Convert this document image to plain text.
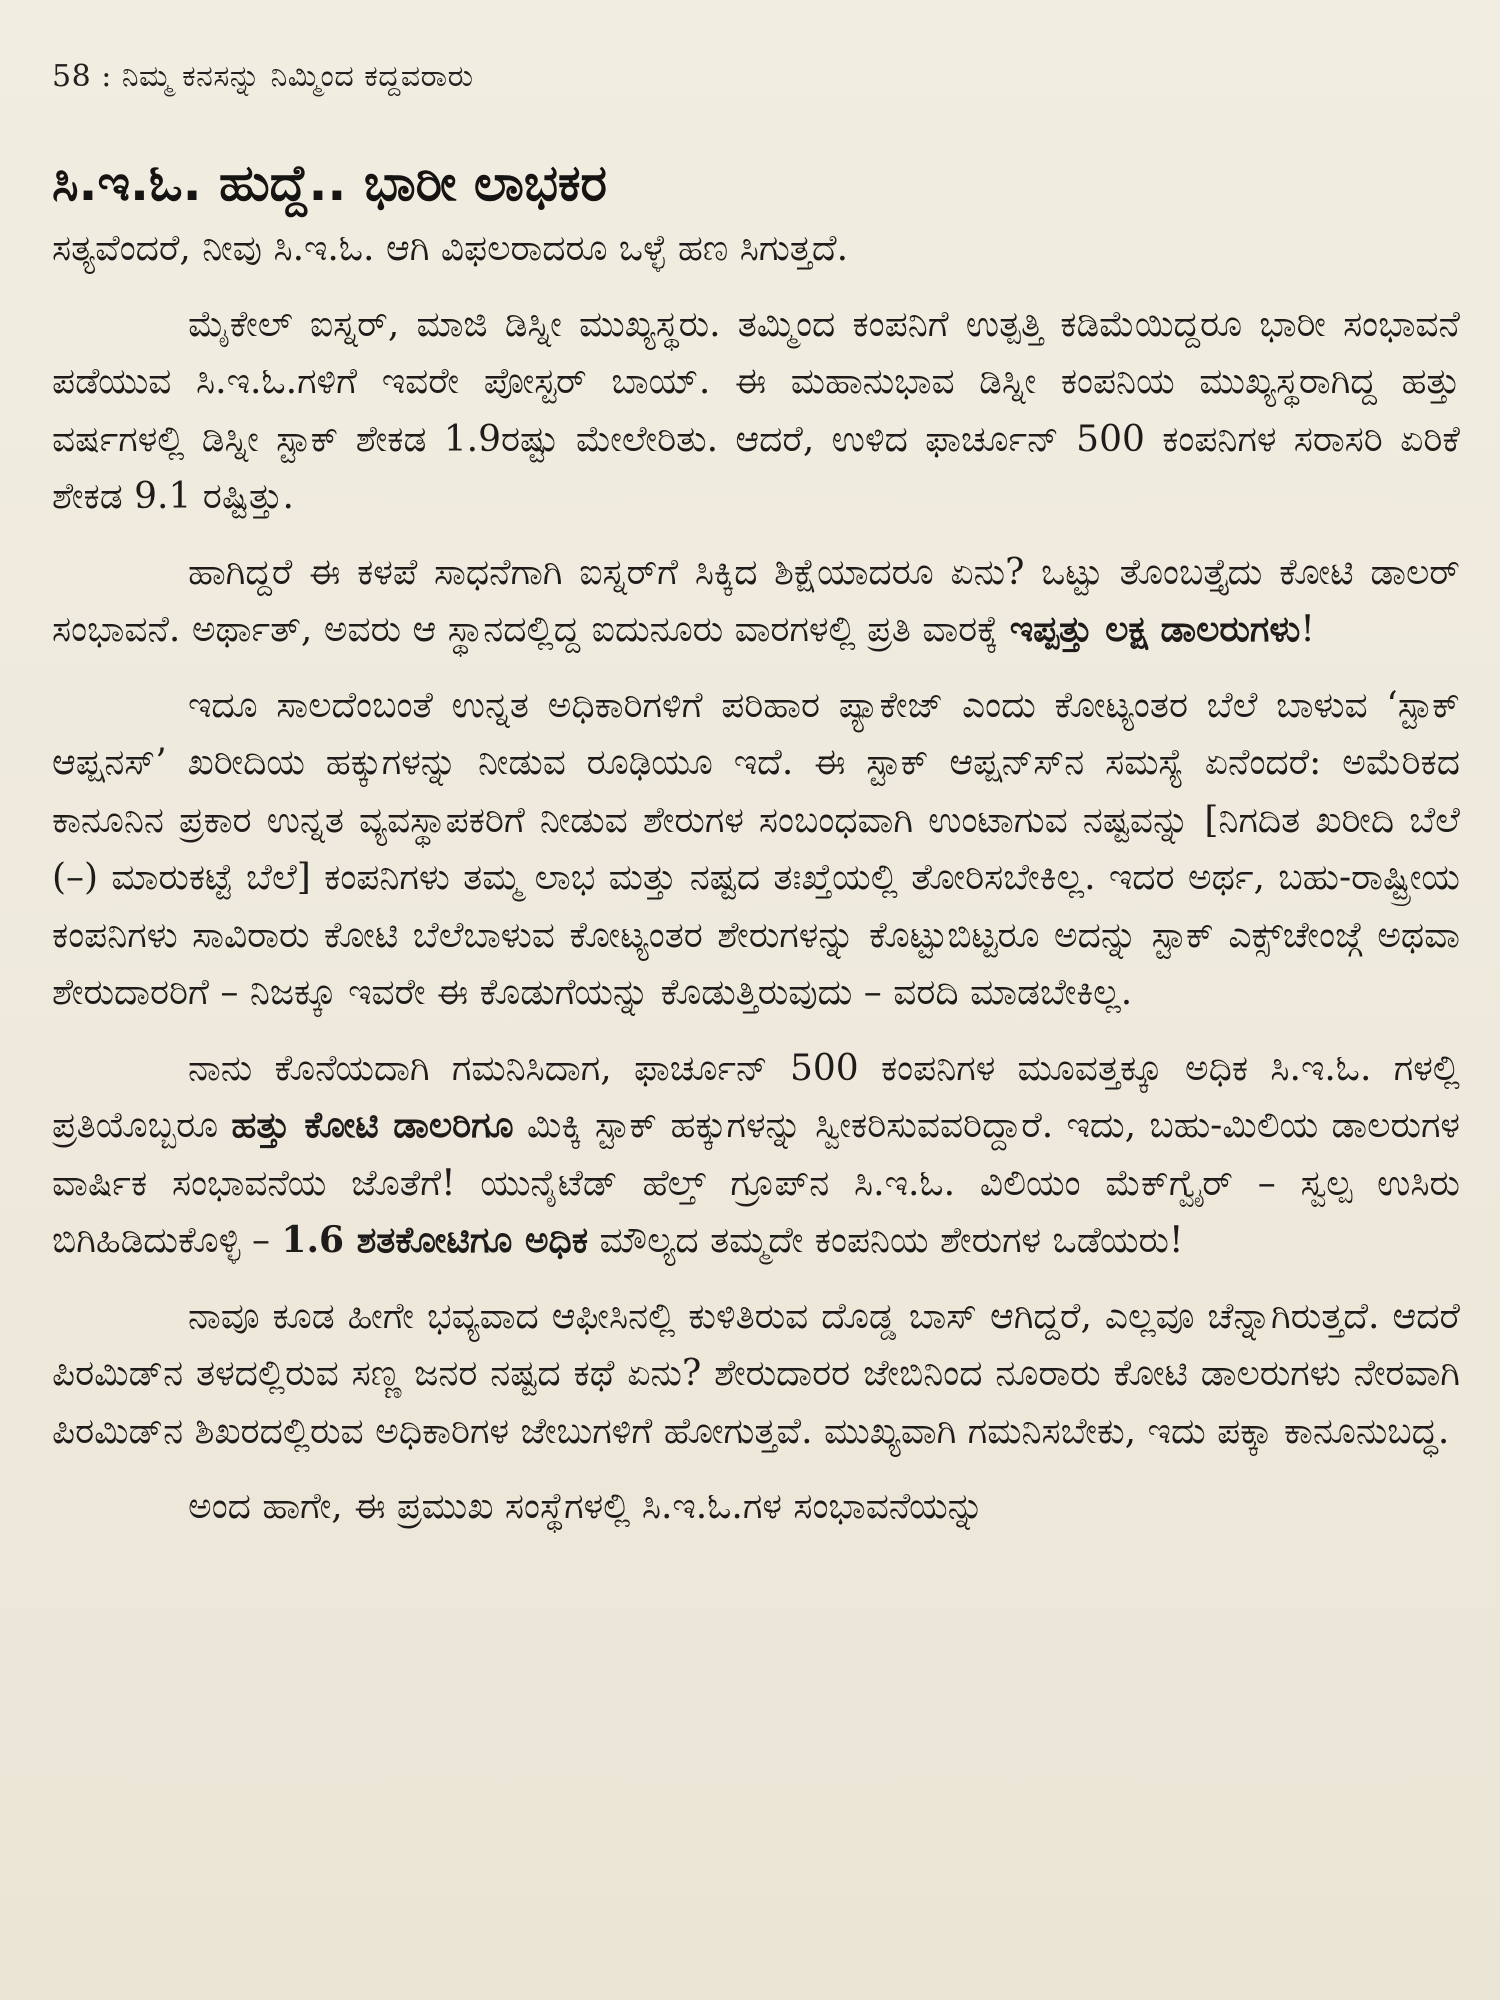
58 : ನಿಮ್ಮ ಕನಸನ್ನು ನಿಮ್ಮಿಂದ ಕದ್ದವರಾರು
ಸಿ.ಇ.ಓ. ಹುದ್ದೆ.. ಭಾರೀ ಲಾಭಕರ

ಸತ್ಯವೆಂದರೆ, ನೀವು ಸಿ.ಇ.ಓ. ಆಗಿ ವಿಫಲರಾದರೂ ಒಳ್ಳೆ ಹಣ ಸಿಗುತ್ತದೆ.

ಮೈಕೇಲ್ ಐಸ್ನರ್, ಮಾಜಿ ಡಿಸ್ನೀ ಮುಖ್ಯಸ್ಥರು. ತಮ್ಮಿಂದ ಕಂಪನಿಗೆ ಉತ್ಪತ್ತಿ ಕಡಿಮೆಯಿದ್ದರೂ ಭಾರೀ ಸಂಭಾವನೆ ಪಡೆಯುವ ಸಿ.ಇ.ಓ.ಗಳಿಗೆ ಇವರೇ ಪೋಸ್ಟರ್ ಬಾಯ್. ಈ ಮಹಾನುಭಾವ ಡಿಸ್ನೀ ಕಂಪನಿಯ ಮುಖ್ಯಸ್ಥರಾಗಿದ್ದ ಹತ್ತು ವರ್ಷಗಳಲ್ಲಿ ಡಿಸ್ನೀ ಸ್ಟಾಕ್ ಶೇಕಡ 1.9ರಷ್ಟು ಮೇಲೇರಿತು. ಆದರೆ, ಉಳಿದ ಫಾರ್ಚೂನ್ 500 ಕಂಪನಿಗಳ ಸರಾಸರಿ ಏರಿಕೆ ಶೇಕಡ 9.1 ರಷ್ಟಿತ್ತು.

ಹಾಗಿದ್ದರೆ ಈ ಕಳಪೆ ಸಾಧನೆಗಾಗಿ ಐಸ್ನರ್‌ಗೆ ಸಿಕ್ಕಿದ ಶಿಕ್ಷೆಯಾದರೂ ಏನು? ಒಟ್ಟು ತೊಂಬತ್ತೈದು ಕೋಟಿ ಡಾಲರ್ ಸಂಭಾವನೆ. ಅರ್ಥಾತ್, ಅವರು ಆ ಸ್ಥಾನದಲ್ಲಿದ್ದ ಐದುನೂರು ವಾರಗಳಲ್ಲಿ ಪ್ರತಿ ವಾರಕ್ಕೆ ಇಪ್ಪತ್ತು ಲಕ್ಷ ಡಾಲರುಗಳು!

ಇದೂ ಸಾಲದೆಂಬಂತೆ ಉನ್ನತ ಅಧಿಕಾರಿಗಳಿಗೆ ಪರಿಹಾರ ಪ್ಯಾಕೇಜ್ ಎಂದು ಕೋಟ್ಯಂತರ ಬೆಲೆ ಬಾಳುವ ‘ಸ್ಟಾಕ್ ಆಪ್ಷನಸ್’ ಖರೀದಿಯ ಹಕ್ಕುಗಳನ್ನು ನೀಡುವ ರೂಢಿಯೂ ಇದೆ. ಈ ಸ್ಟಾಕ್ ಆಪ್ಷನ್‌ಸ್‌ನ ಸಮಸ್ಯೆ ಏನೆಂದರೆ: ಅಮೆರಿಕದ ಕಾನೂನಿನ ಪ್ರಕಾರ ಉನ್ನತ ವ್ಯವಸ್ಥಾಪಕರಿಗೆ ನೀಡುವ ಶೇರುಗಳ ಸಂಬಂಧವಾಗಿ ಉಂಟಾಗುವ ನಷ್ಟವನ್ನು [ನಿಗದಿತ ಖರೀದಿ ಬೆಲೆ (–) ಮಾರುಕಟ್ಟೆ ಬೆಲೆ] ಕಂಪನಿಗಳು ತಮ್ಮ ಲಾಭ ಮತ್ತು ನಷ್ಟದ ತಃಖ್ತೆಯಲ್ಲಿ ತೋರಿಸಬೇಕಿಲ್ಲ. ಇದರ ಅರ್ಥ, ಬಹು-ರಾಷ್ಟ್ರೀಯ ಕಂಪನಿಗಳು ಸಾವಿರಾರು ಕೋಟಿ ಬೆಲೆಬಾಳುವ ಕೋಟ್ಯಂತರ ಶೇರುಗಳನ್ನು ಕೊಟ್ಟುಬಿಟ್ಟರೂ ಅದನ್ನು ಸ್ಟಾಕ್ ಎಕ್ಸ್‌ಚೇಂಜ್ಗೆ ಅಥವಾ ಶೇರುದಾರರಿಗೆ – ನಿಜಕ್ಕೂ ಇವರೇ ಈ ಕೊಡುಗೆಯನ್ನು ಕೊಡುತ್ತಿರುವುದು – ವರದಿ ಮಾಡಬೇಕಿಲ್ಲ.

ನಾನು ಕೊನೆಯದಾಗಿ ಗಮನಿಸಿದಾಗ, ಫಾರ್ಚೂನ್ 500 ಕಂಪನಿಗಳ ಮೂವತ್ತಕ್ಕೂ ಅಧಿಕ ಸಿ.ಇ.ಓ. ಗಳಲ್ಲಿ ಪ್ರತಿಯೊಬ್ಬರೂ ಹತ್ತು ಕೋಟಿ ಡಾಲರಿಗೂ ಮಿಕ್ಕಿ ಸ್ಟಾಕ್ ಹಕ್ಕುಗಳನ್ನು ಸ್ವೀಕರಿಸುವವರಿದ್ದಾರೆ. ಇದು, ಬಹು-ಮಿಲಿಯ ಡಾಲರುಗಳ ವಾರ್ಷಿಕ ಸಂಭಾವನೆಯ ಜೊತೆಗೆ! ಯುನೈಟೆಡ್ ಹೆಲ್ತ್ ಗ್ರೂಪ್‌ನ ಸಿ.ಇ.ಓ. ವಿಲಿಯಂ ಮೆಕ್‌ಗ್ವೈರ್ – ಸ್ವಲ್ಪ ಉಸಿರು ಬಿಗಿಹಿಡಿದುಕೊಳ್ಳಿ – 1.6 ಶತಕೋಟಿಗೂ ಅಧಿಕ ಮೌಲ್ಯದ ತಮ್ಮದೇ ಕಂಪನಿಯ ಶೇರುಗಳ ಒಡೆಯರು!

ನಾವೂ ಕೂಡ ಹೀಗೇ ಭವ್ಯವಾದ ಆಫೀಸಿನಲ್ಲಿ ಕುಳಿತಿರುವ ದೊಡ್ಡ ಬಾಸ್ ಆಗಿದ್ದರೆ, ಎಲ್ಲವೂ ಚೆನ್ನಾಗಿರುತ್ತದೆ. ಆದರೆ ಪಿರಮಿಡ್‌ನ ತಳದಲ್ಲಿರುವ ಸಣ್ಣ ಜನರ ನಷ್ಟದ ಕಥೆ ಏನು? ಶೇರುದಾರರ ಜೇಬಿನಿಂದ ನೂರಾರು ಕೋಟಿ ಡಾಲರುಗಳು ನೇರವಾಗಿ ಪಿರಮಿಡ್‌ನ ಶಿಖರದಲ್ಲಿರುವ ಅಧಿಕಾರಿಗಳ ಜೇಬುಗಳಿಗೆ ಹೋಗುತ್ತವೆ. ಮುಖ್ಯವಾಗಿ ಗಮನಿಸಬೇಕು, ಇದು ಪಕ್ಕಾ ಕಾನೂನುಬದ್ಧ.

ಅಂದ ಹಾಗೇ, ಈ ಪ್ರಮುಖ ಸಂಸ್ಥೆಗಳಲ್ಲಿ ಸಿ.ಇ.ಓ.ಗಳ ಸಂಭಾವನೆಯನ್ನು
